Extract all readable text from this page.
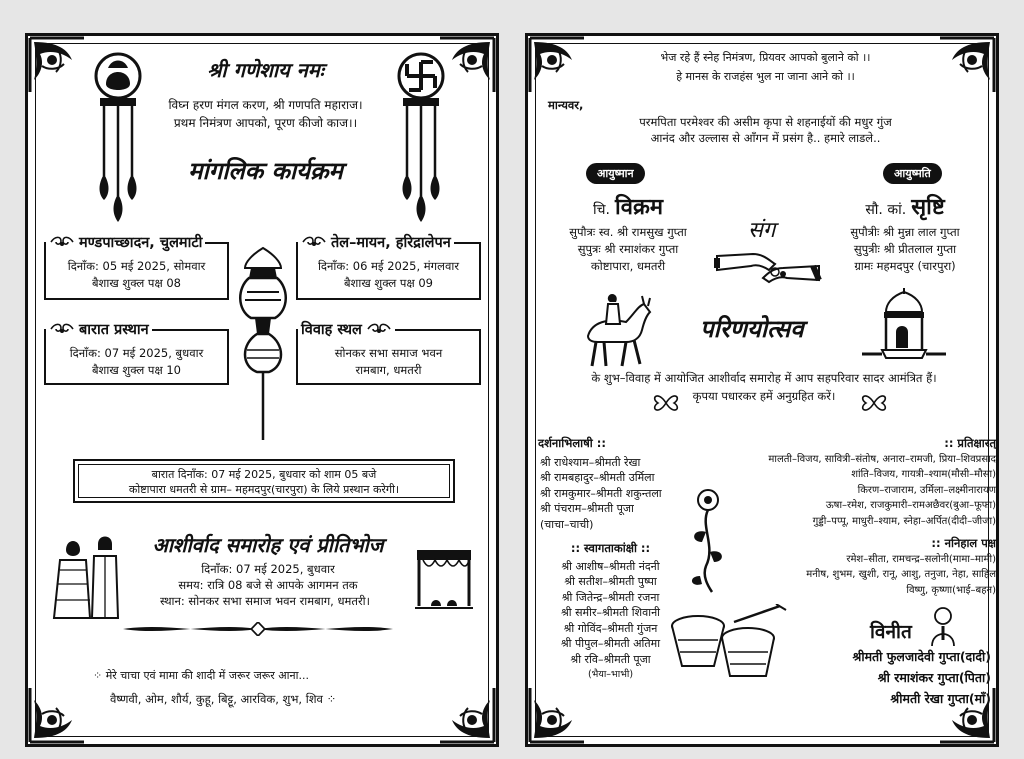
श्री गणेशाय नमः
विघ्न हरण मंगल करण, श्री गणपति महाराज।
प्रथम निमंत्रण आपको, पूरण कीजो काज।।
मांगलिक कार्यक्रम
मण्डपाच्छादन, चुलमाटी
दिनाँक: 05 मई 2025, सोमवार
बैशाख शुक्ल पक्ष 08
तेल–मायन, हरिद्रालेपन
दिनाँक: 06 मई 2025, मंगलवार
बैशाख शुक्ल पक्ष 09
बारात प्रस्थान
दिनाँक: 07 मई 2025, बुधवार
बैशाख शुक्ल पक्ष 10
विवाह स्थल
सोनकर सभा समाज भवन
रामबाग, धमतरी
बारात दिनाँक: 07 मई 2025, बुधवार को शाम 05 बजे
कोष्टापारा धमतरी से ग्राम– महमदपुर(चारपुरा) के लिये प्रस्थान करेगी।
आशीर्वाद समारोह एवं प्रीतिभोज
दिनाँक: 07 मई 2025, बुधवार
समय: रात्रि 08 बजे से आपके आगमन तक
स्थान: सोनकर सभा समाज भवन रामबाग, धमतरी।
⁘ मेरे चाचा एवं मामा की शादी में जरूर जरूर आना...
वैष्णवी, ओम, शौर्य, कुहू, बिट्टू, आरविक, शुभ, शिव ⁘
भेज रहे हैं स्नेह निमंत्रण, प्रियवर आपको बुलाने को ।।
हे मानस के राजहंस भुल ना जाना आने को ।।
मान्यवर,
परमपिता परमेश्वर की असीम कृपा से शहनाईयों की मधुर गुंज
आनंद और उल्लास से आँगन में प्रसंग है.. हमारे लाडले..
आयुष्मान
चि. विक्रम
सुपौत्रः स्व. श्री रामसुख गुप्ता
सुपुत्रः श्री रमाशंकर गुप्ता
कोष्टापारा, धमतरी
आयुष्मति
सौ. कां. सृष्टि
सुपौत्रीः श्री मुन्ना लाल गुप्ता
सुपुत्रीः श्री प्रीतलाल गुप्ता
ग्रामः महमदपुर (चारपुरा)
संग
परिणयोत्सव
के शुभ–विवाह में आयोजित आशीर्वाद समारोह में आप सहपरिवार सादर आमंत्रित हैं।
कृपया पधारकर हमें अनुग्रहित करें।
दर्शनाभिलाषी ::

श्री राधेश्याम–श्रीमती रेखा

श्री रामबहादुर–श्रीमती उर्मिला

श्री रामकुमार–श्रीमती शकुन्तला

श्री पंचराम–श्रीमती पूजा

(चाचा–चाची)

:: स्वागताकांक्षी ::

श्री आशीष–श्रीमती नंदनी

श्री सतीश–श्रीमती पुष्पा

श्री जितेन्द्र–श्रीमती रजना

श्री समीर–श्रीमती शिवानी

श्री गोविंद–श्रीमती गुंजन

श्री पीपुल–श्रीमती अतिमा

श्री रवि–श्रीमती पूजा

(भैया–भाभी)

:: प्रतिक्षारत्

मालती–विजय, सावित्री–संतोष, अनारा–रामजी, प्रिया–शिवप्रसाद

शांति–विजय, गायत्री–श्याम(मौसी–मौसा)

किरण–राजाराम, उर्मिला–लक्ष्मीनारायण

ऊषा–रमेश, राजकुमारी–रामअछैवर(बुआ–फूफा)

गुड्डी–पप्पू, माधुरी–श्याम, स्नेहा–अर्पित(दीदी–जीजा)

:: ननिहाल पक्ष

रमेश–सीता, रामचन्द्र–सलोनी(मामा–मामी)

मनीष, शुभम, खुशी, रानू, आशु, तनुजा, नेहा, साहिल

विष्णु, कृष्णा(भाई–बहन)

विनीत

श्रीमती फुलजादेवी गुप्ता(दादी)

श्री रमाशंकर गुप्ता(पिता)

श्रीमती रेखा गुप्ता(माँ)
